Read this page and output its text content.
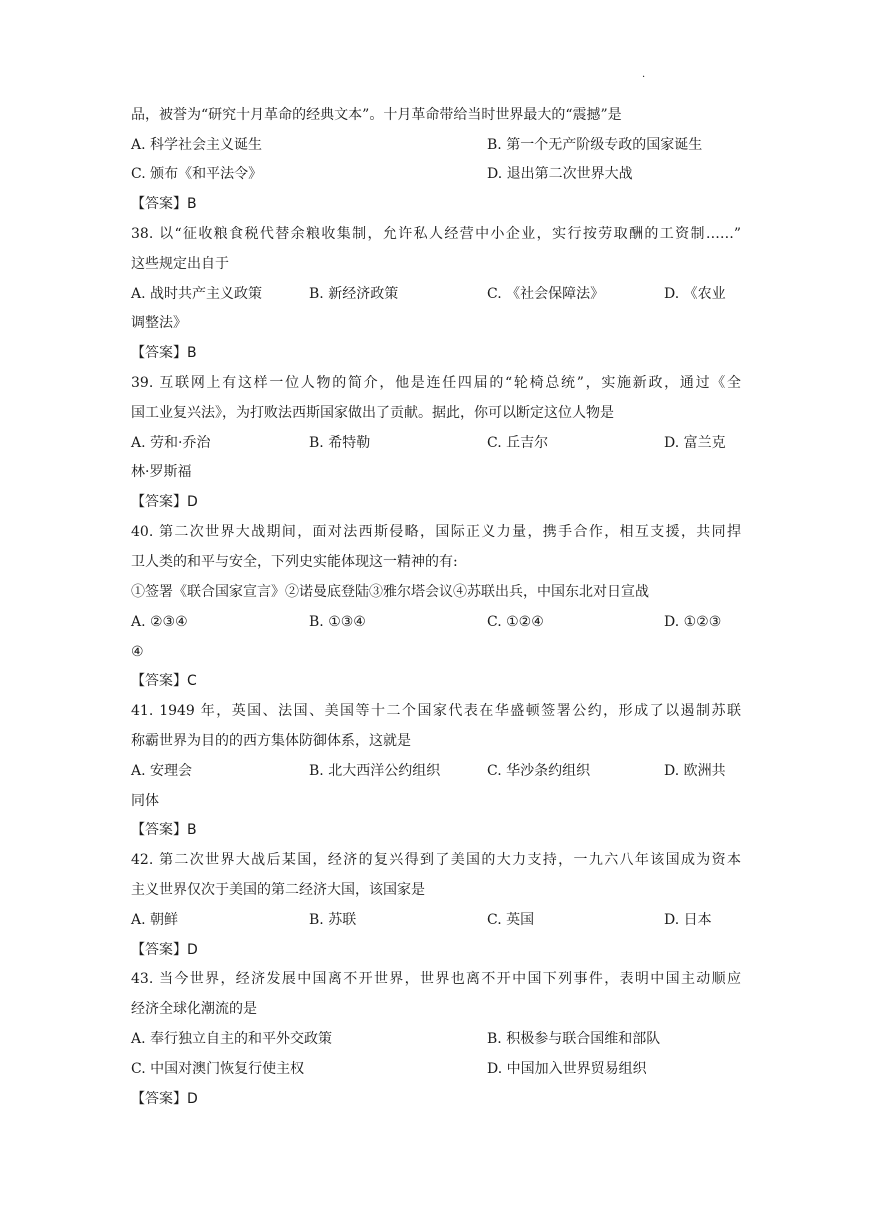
·
品，被誉为“研究十月革命的经典文本”。十月革命带给当时世界最大的“震撼”是
A. 科学社会主义诞生	B. 第一个无产阶级专政的国家诞生
C. 颁布《和平法令》	D. 退出第二次世界大战
【答案】B
38. 以“征收粮食税代替余粮收集制，允许私人经营中小企业，实行按劳取酬的工资制……”
这些规定出自于
A. 战时共产主义政策	B. 新经济政策	C. 《社会保障法》	D. 《农业
调整法》
【答案】B
39. 互联网上有这样一位人物的简介，他是连任四届的“轮椅总统”，实施新政，通过《全
国工业复兴法》，为打败法西斯国家做出了贡献。据此，你可以断定这位人物是
A. 劳和·乔治	B. 希特勒	C. 丘吉尔	D. 富兰克
林·罗斯福
【答案】D
40. 第二次世界大战期间，面对法西斯侵略，国际正义力量，携手合作，相互支援，共同捍
卫人类的和平与安全，下列史实能体现这一精神的有:
①签署《联合国家宣言》②诺曼底登陆③雅尔塔会议④苏联出兵，中国东北对日宣战
A. ②③④	B. ①③④	C. ①②④	D. ①②③
④
【答案】C
41. 1949 年，英国、法国、美国等十二个国家代表在华盛顿签署公约，形成了以遏制苏联
称霸世界为目的的西方集体防御体系，这就是
A. 安理会	B. 北大西洋公约组织	C. 华沙条约组织	D. 欧洲共
同体
【答案】B
42. 第二次世界大战后某国，经济的复兴得到了美国的大力支持，一九六八年该国成为资本
主义世界仅次于美国的第二经济大国，该国家是
A. 朝鲜	B. 苏联	C. 英国	D. 日本
【答案】D
43. 当今世界，经济发展中国离不开世界，世界也离不开中国下列事件，表明中国主动顺应
经济全球化潮流的是
A. 奉行独立自主的和平外交政策	B. 积极参与联合国维和部队
C. 中国对澳门恢复行使主权	D. 中国加入世界贸易组织
【答案】D
